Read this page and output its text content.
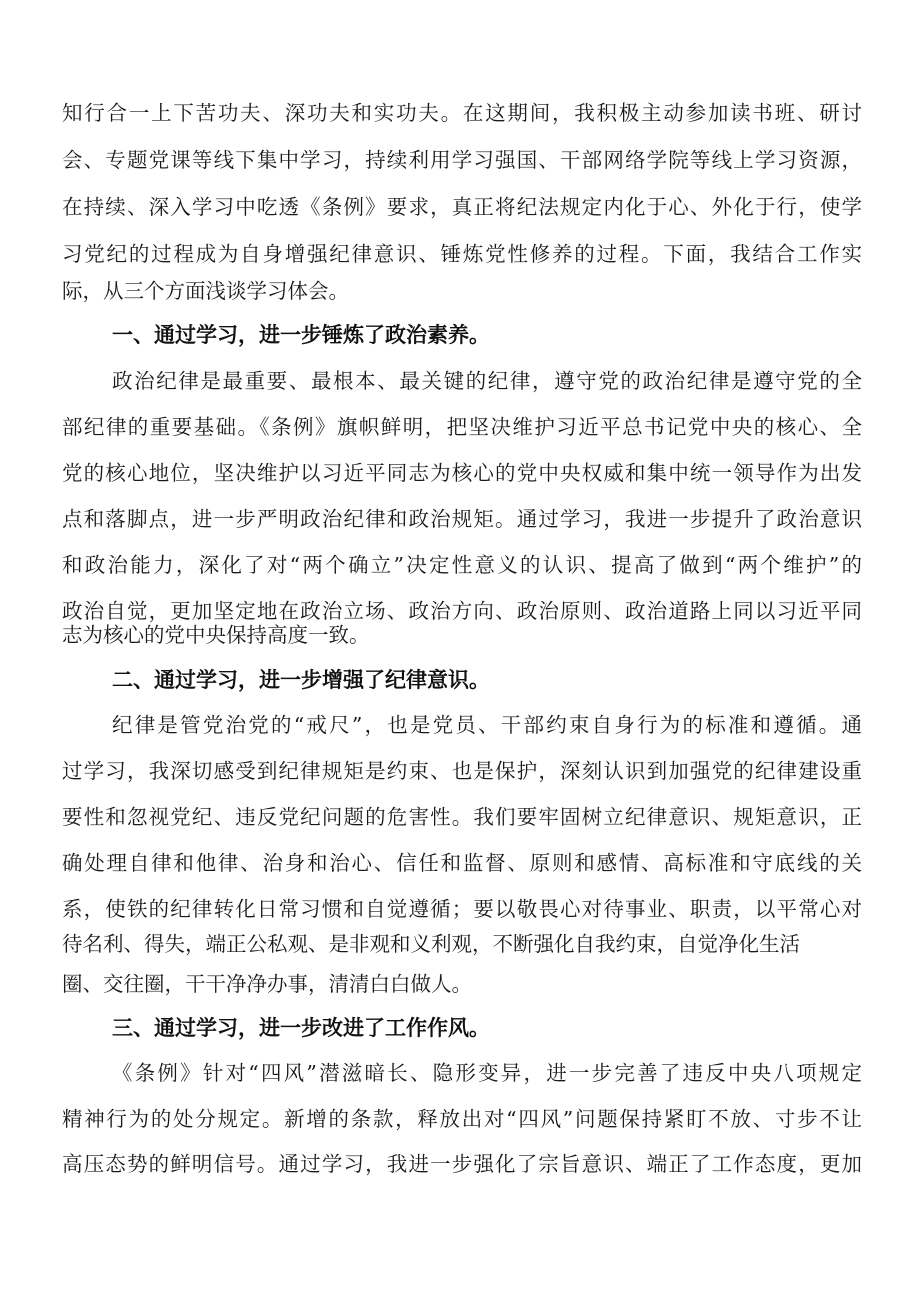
知行合一上下苦功夫、深功夫和实功夫。在这期间，我积极主动参加读书班、研讨
会、专题党课等线下集中学习，持续利用学习强国、干部网络学院等线上学习资源，
在持续、深入学习中吃透《条例》要求，真正将纪法规定内化于心、外化于行，使学
习党纪的过程成为自身增强纪律意识、锤炼党性修养的过程。下面，我结合工作实
际，从三个方面浅谈学习体会。
一、通过学习，进一步锤炼了政治素养。
政治纪律是最重要、最根本、最关键的纪律，遵守党的政治纪律是遵守党的全
部纪律的重要基础。《条例》旗帜鲜明，把坚决维护习近平总书记党中央的核心、全
党的核心地位，坚决维护以习近平同志为核心的党中央权威和集中统一领导作为出发
点和落脚点，进一步严明政治纪律和政治规矩。通过学习，我进一步提升了政治意识
和政治能力，深化了对“两个确立”决定性意义的认识、提高了做到“两个维护”的
政治自觉，更加坚定地在政治立场、政治方向、政治原则、政治道路上同以习近平同
志为核心的党中央保持高度一致。
二、通过学习，进一步增强了纪律意识。
纪律是管党治党的“戒尺”，也是党员、干部约束自身行为的标准和遵循。通
过学习，我深切感受到纪律规矩是约束、也是保护，深刻认识到加强党的纪律建设重
要性和忽视党纪、违反党纪问题的危害性。我们要牢固树立纪律意识、规矩意识，正
确处理自律和他律、治身和治心、信任和监督、原则和感情、高标准和守底线的关
系，使铁的纪律转化日常习惯和自觉遵循；要以敬畏心对待事业、职责，以平常心对
待名利、得失，端正公私观、是非观和义利观，不断强化自我约束，自觉净化生活
圈、交往圈，干干净净办事，清清白白做人。
三、通过学习，进一步改进了工作作风。
《条例》针对“四风”潜滋暗长、隐形变异，进一步完善了违反中央八项规定
精神行为的处分规定。新增的条款，释放出对“四风”问题保持紧盯不放、寸步不让
高压态势的鲜明信号。通过学习，我进一步强化了宗旨意识、端正了工作态度，更加
